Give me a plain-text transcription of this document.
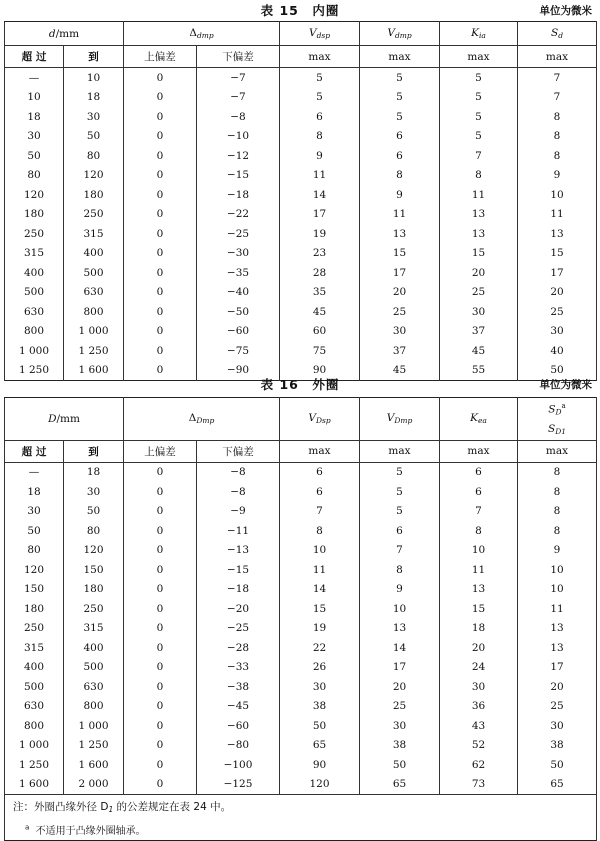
表 15　内圈	单位为微米
d/mm		$\Delta_{dmp}$		$V_{dsp}$	$V_{dmp}$	$K_{ia}$	$S_d$
超 过	到	上偏差	下偏差	max	max	max	max
—	10	0	−7	5	5	5	7
10	18	0	−7	5	5	5	7
18	30	0	−8	6	5	5	8
30	50	0	−10	8	6	5	8
50	80	0	−12	9	6	7	8
80	120	0	−15	11	8	8	9
120	180	0	−18	14	9	11	10
180	250	0	−22	17	11	13	11
250	315	0	−25	19	13	13	13
315	400	0	−30	23	15	15	15
400	500	0	−35	28	17	20	17
500	630	0	−40	35	20	25	20
630	800	0	−50	45	25	30	25
800	1 000	0	−60	60	30	37	30
1 000	1 250	0	−75	75	37	45	40
1 250	1 600	0	−90	90	45	55	50
表 16　外圈	单位为微米
D/mm		$\Delta_{Dmp}$		$V_{Dsp}$	$V_{Dmp}$	$K_{ea}$	$S_D^a$
$S_{D1}$

超 过	到	上偏差	下偏差	max	max	max	max
—	18	0	−8	6	5	6	8
18	30	0	−8	6	5	6	8
30	50	0	−9	7	5	7	8
50	80	0	−11	8	6	8	8
80	120	0	−13	10	7	10	9
120	150	0	−15	11	8	11	10
150	180	0	−18	14	9	13	10
180	250	0	−20	15	10	15	11
250	315	0	−25	19	13	18	13
315	400	0	−28	22	14	20	13
400	500	0	−33	26	17	24	17
500	630	0	−38	30	20	30	20
630	800	0	−45	38	25	36	25
800	1 000	0	−60	50	30	43	30
1 000	1 250	0	−80	65	38	52	38
1 250	1 600	0	−100	90	50	62	50
1 600	2 000	0	−125	120	65	73	65
注：外圈凸缘外径 $D_1$ 的公差规定在表 24 中。							
$^a$ 不适用于凸缘外圈轴承。							
